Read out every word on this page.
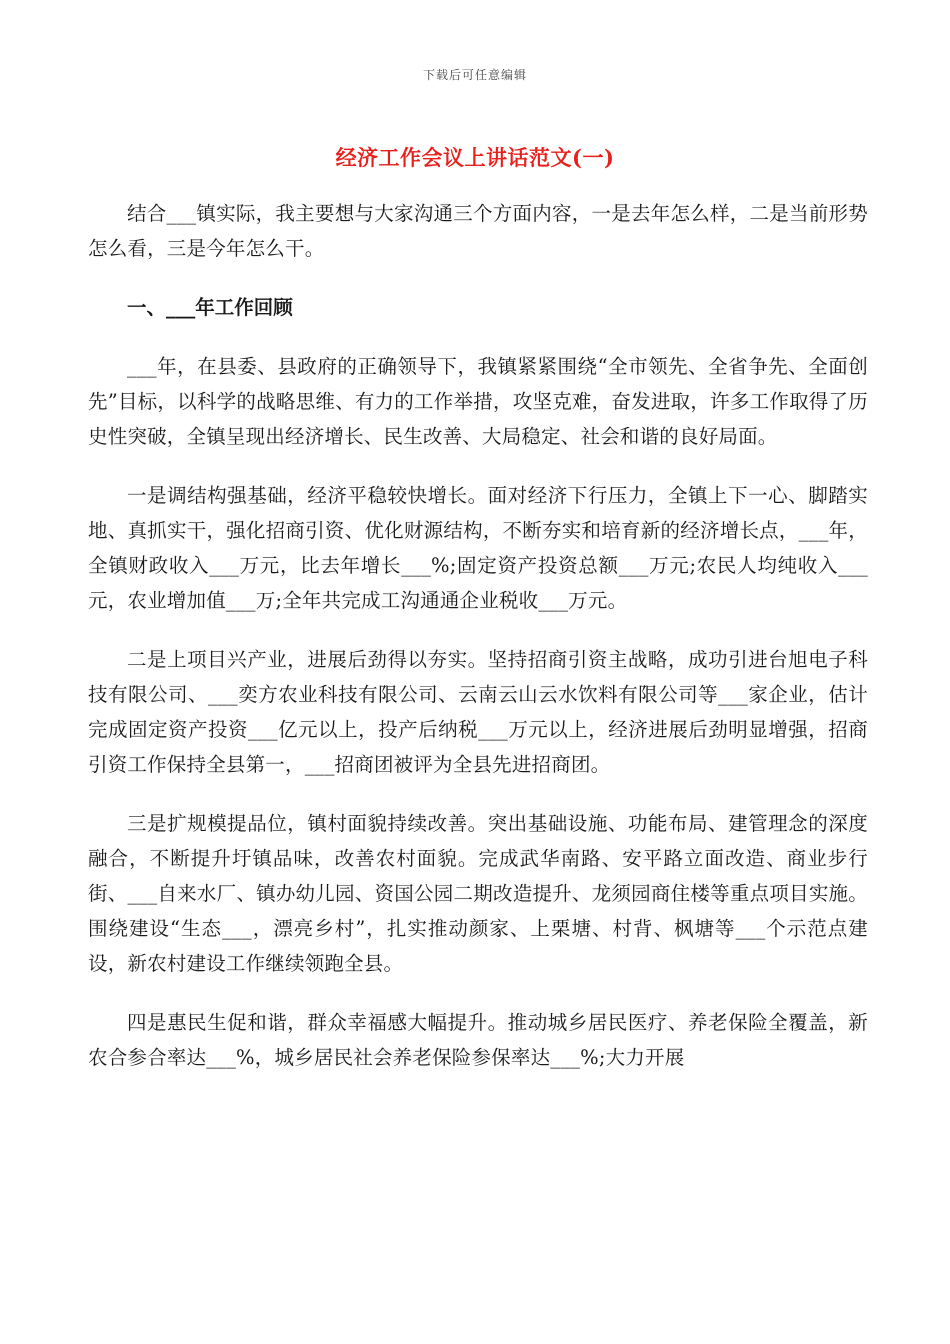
下载后可任意编辑
经济工作会议上讲话范文(一)

结合___镇实际，我主要想与大家沟通三个方面内容，一是去年怎么样，二是当前形势怎么看，三是今年怎么干。

一、___年工作回顾

___年，在县委、县政府的正确领导下，我镇紧紧围绕“全市领先、全省争先、全面创先”目标，以科学的战略思维、有力的工作举措，攻坚克难，奋发进取，许多工作取得了历史性突破，全镇呈现出经济增长、民生改善、大局稳定、社会和谐的良好局面。

一是调结构强基础，经济平稳较快增长。面对经济下行压力，全镇上下一心、脚踏实地、真抓实干，强化招商引资、优化财源结构，不断夯实和培育新的经济增长点，___年，全镇财政收入___万元，比去年增长___%;固定资产投资总额___万元;农民人均纯收入___元，农业增加值___万;全年共完成工沟通通企业税收___万元。

二是上项目兴产业，进展后劲得以夯实。坚持招商引资主战略，成功引进台旭电子科技有限公司、___奕方农业科技有限公司、云南云山云水饮料有限公司等___家企业，估计完成固定资产投资___亿元以上，投产后纳税___万元以上，经济进展后劲明显增强，招商引资工作保持全县第一，___招商团被评为全县先进招商团。

三是扩规模提品位，镇村面貌持续改善。突出基础设施、功能布局、建管理念的深度融合，不断提升圩镇品味，改善农村面貌。完成武华南路、安平路立面改造、商业步行街、___自来水厂、镇办幼儿园、资国公园二期改造提升、龙须园商住楼等重点项目实施。围绕建设“生态___，漂亮乡村”，扎实推动颜家、上栗塘、村背、枫塘等___个示范点建设，新农村建设工作继续领跑全县。

四是惠民生促和谐，群众幸福感大幅提升。推动城乡居民医疗、养老保险全覆盖，新农合参合率达___%，城乡居民社会养老保险参保率达___%;大力开展
